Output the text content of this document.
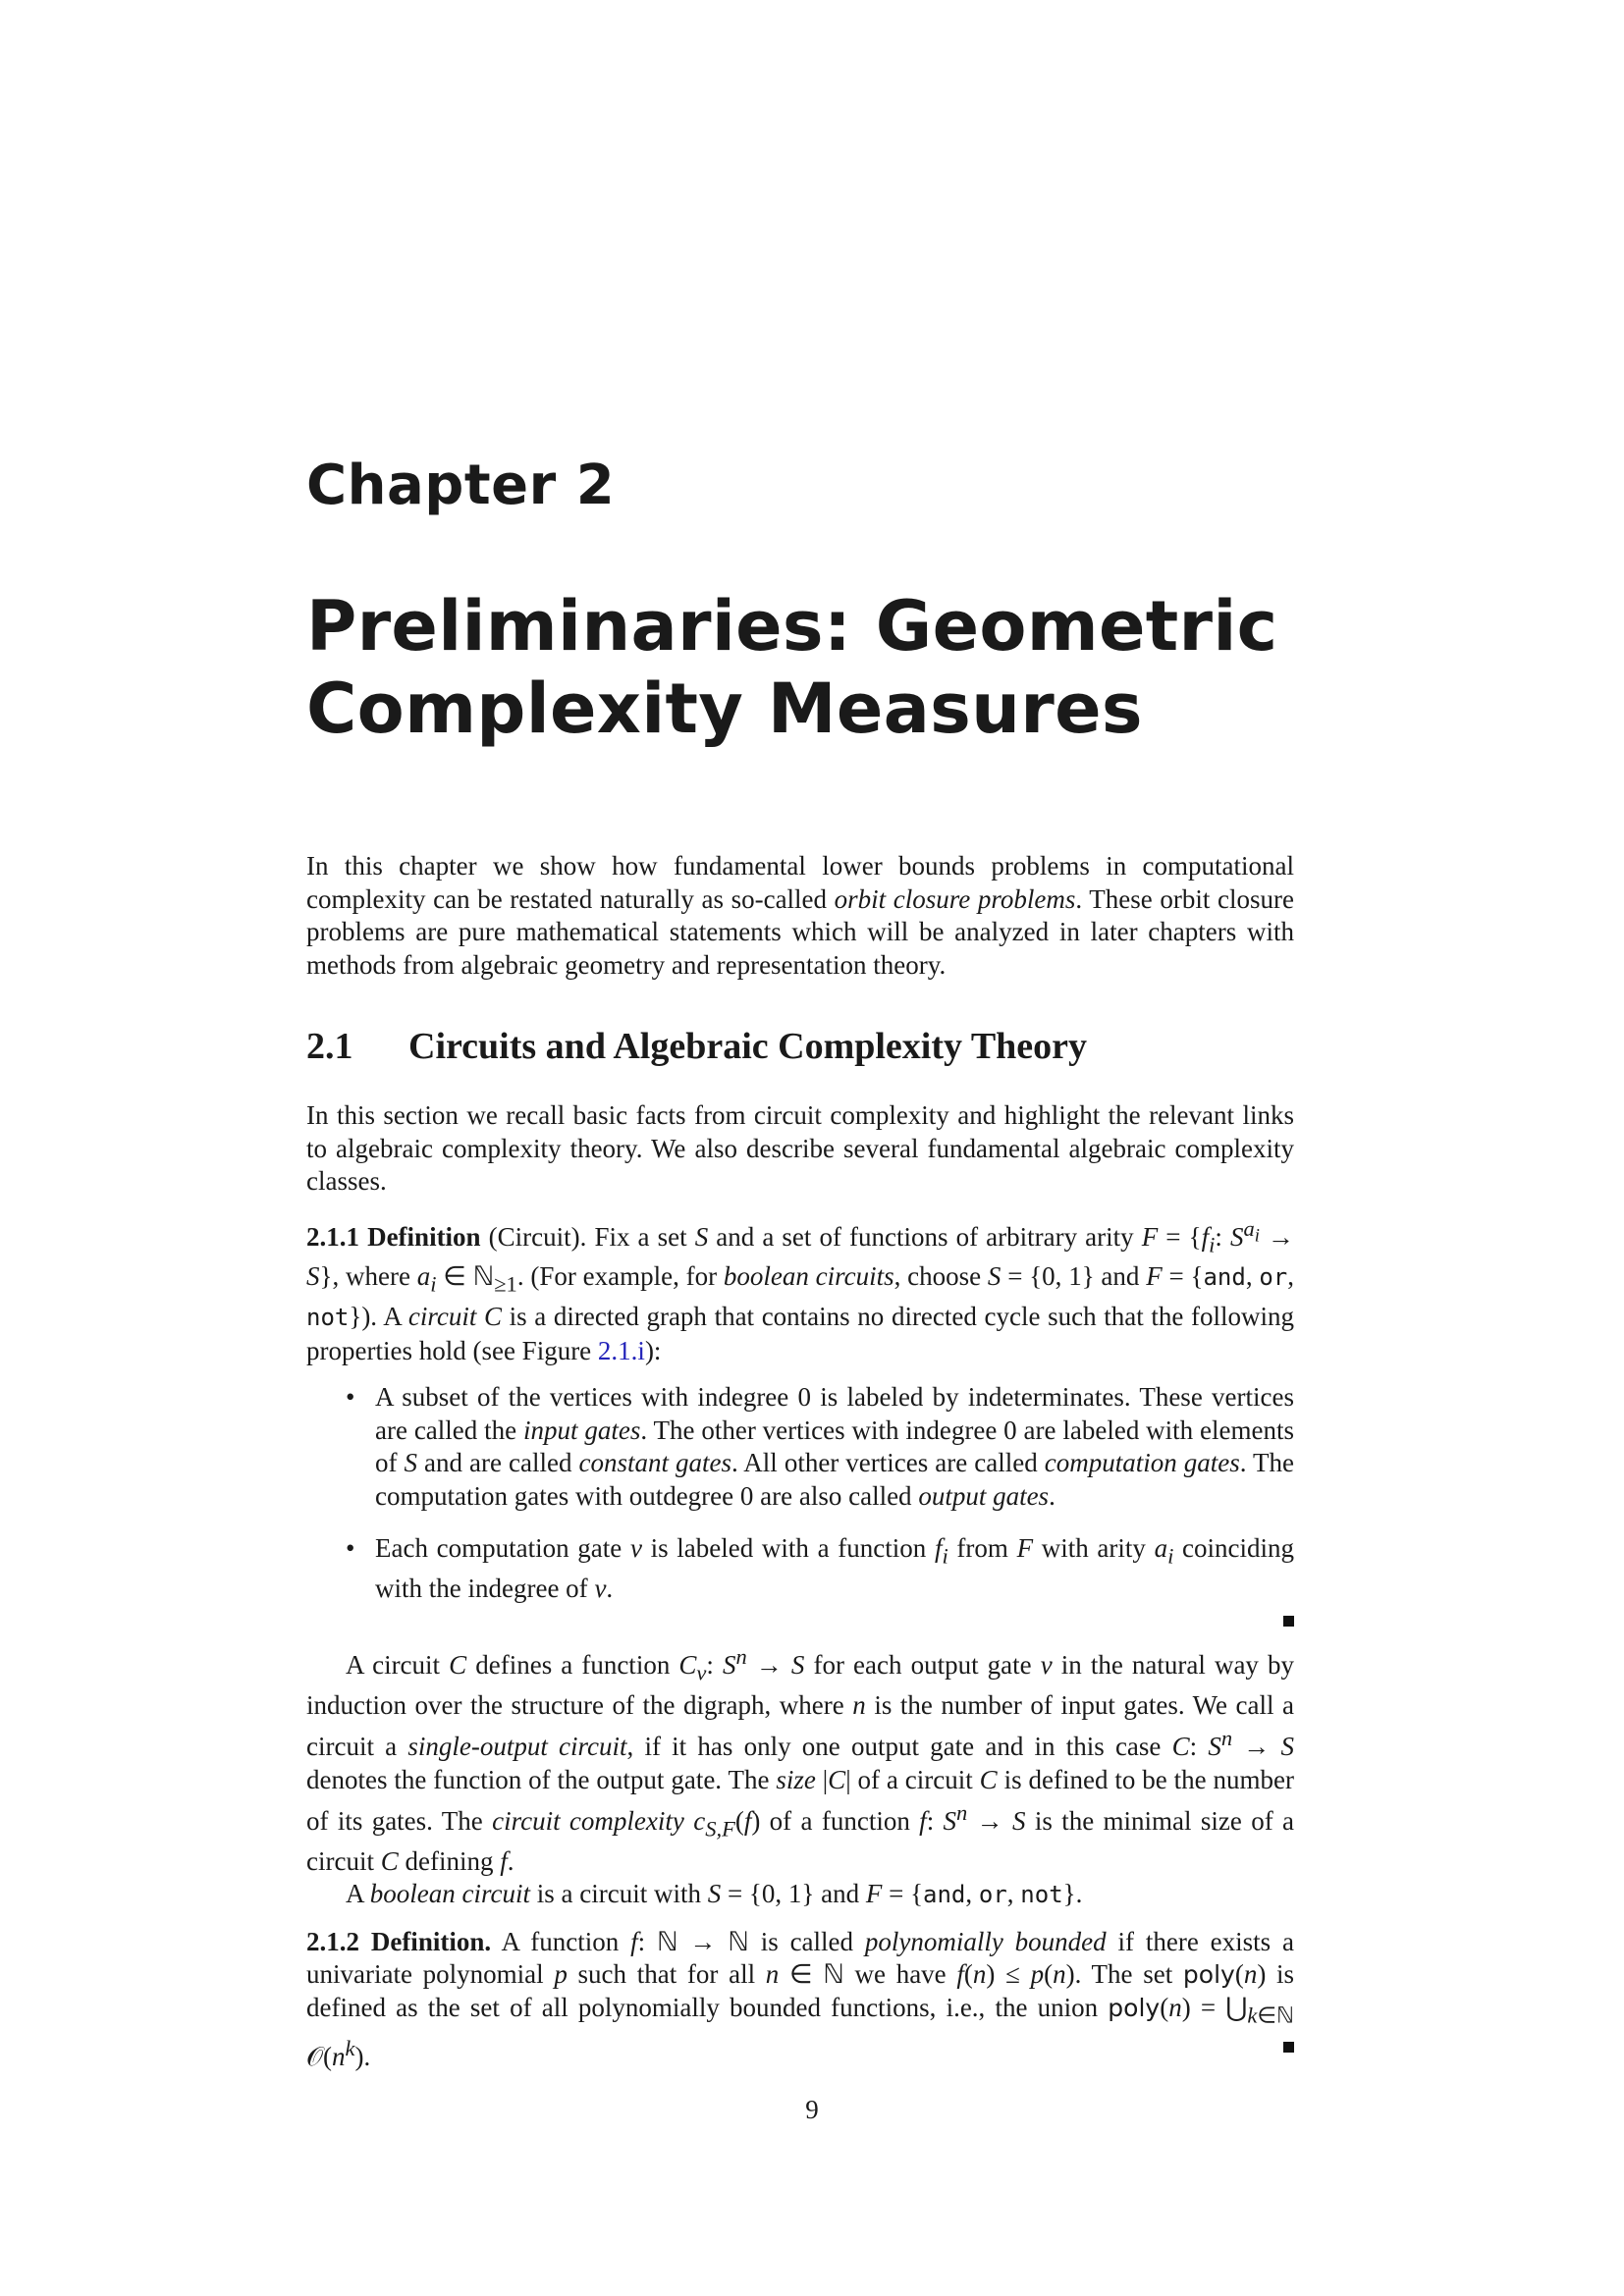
Chapter 2
Preliminaries: Geometric
Complexity Measures

In this chapter we show how fundamental lower bounds problems in computational complexity can be restated naturally as so-called orbit closure problems. These orbit closure problems are pure mathematical statements which will be analyzed in later chapters with methods from algebraic geometry and representation theory.

2.1 Circuits and Algebraic Complexity Theory

In this section we recall basic facts from circuit complexity and highlight the relevant links to algebraic complexity theory. We also describe several fundamental algebraic complexity classes.

2.1.1 Definition (Circuit). Fix a set S and a set of functions of arbitrary arity $F = \{f_i$: $S^{a_i} \to S$}, where $a_i$ ∈ ℕ$_{\ge 1}$. (For example, for boolean circuits, choose S = {0, 1} and F = {and, or, not}). A circuit C is a directed graph that contains no directed cycle such that the following properties hold (see Figure 2.1.i):

• A subset of the vertices with indegree 0 is labeled by indeterminates. These vertices are called the input gates. The other vertices with indegree 0 are labeled with elements of S and are called constant gates. All other vertices are called computation gates. The computation gates with outdegree 0 are also called output gates.
• Each computation gate v is labeled with a function $f_i$ from F with arity $a_i$ coinciding with the indegree of v.

A circuit C defines a function $C_v$: $S^n \to S$ for each output gate v in the natural way by induction over the structure of the digraph, where n is the number of input gates. We call a circuit a single-output circuit, if it has only one output gate and in this case C: $S^n \to S$ denotes the function of the output gate. The size |C| of a circuit C is defined to be the number of its gates. The circuit complexity $c_{S,F}(f)$ of a function f: $S^n \to S$ is the minimal size of a circuit C defining f.

A boolean circuit is a circuit with S = {0, 1} and F = {and, or, not}.

2.1.2 Definition. A function f: ℕ → ℕ is called polynomially bounded if there exists a univariate polynomial p such that for all n ∈ ℕ we have f(n) ≤ p(n). The set poly(n) is defined as the set of all polynomially bounded functions, i.e., the union poly(n) = $⋃_{k\in ℕ}$ $𝒪(n^k)$.

9
